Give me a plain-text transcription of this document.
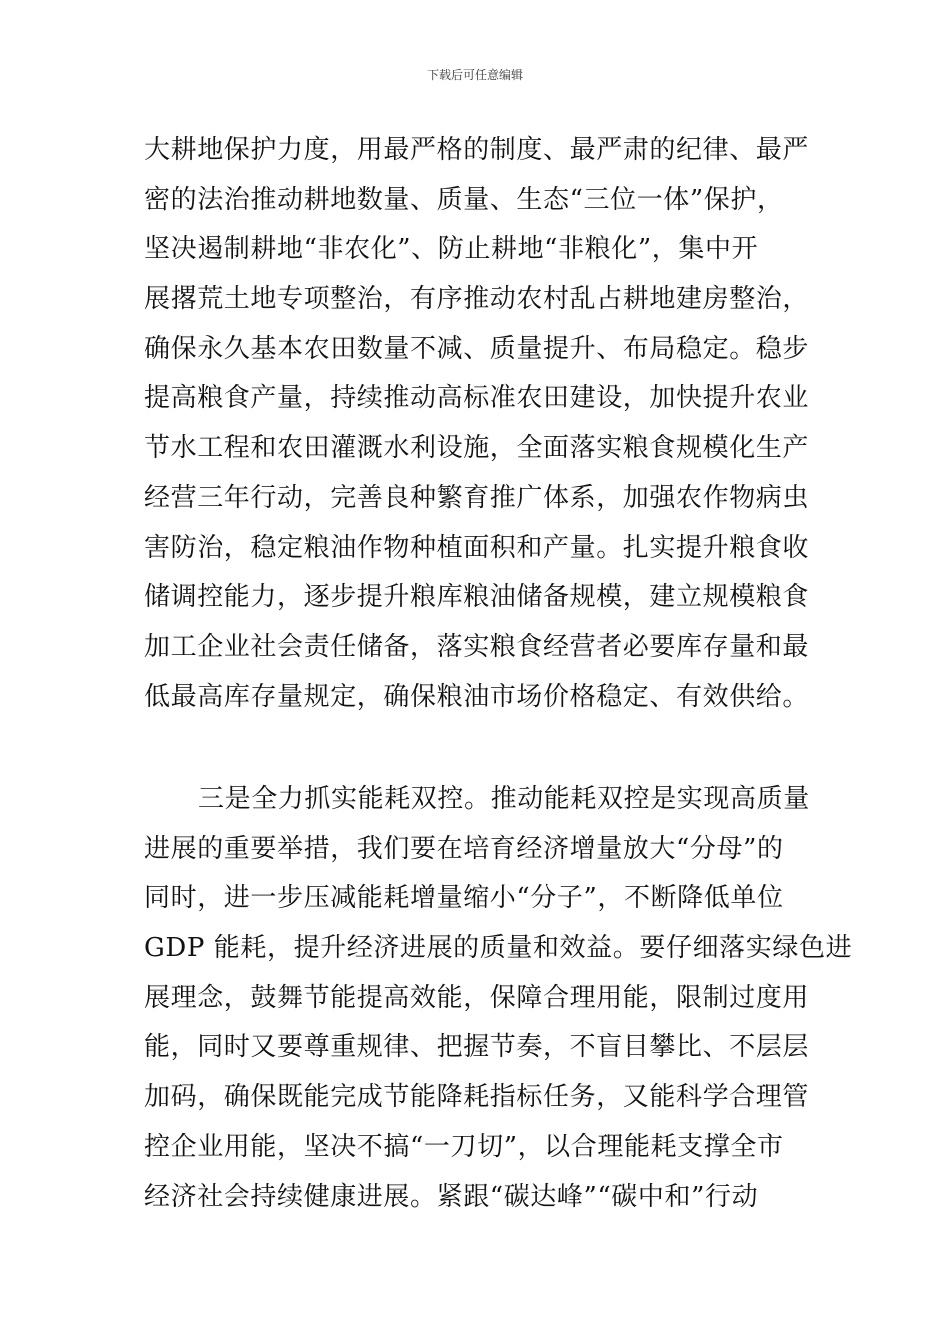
下载后可任意编辑
大耕地保护力度，用最严格的制度、最严肃的纪律、最严
密的法治推动耕地数量、质量、生态“三位一体”保护，
坚决遏制耕地“非农化”、防止耕地“非粮化”，集中开
展撂荒土地专项整治，有序推动农村乱占耕地建房整治，
确保永久基本农田数量不减、质量提升、布局稳定。稳步
提高粮食产量，持续推动高标准农田建设，加快提升农业
节水工程和农田灌溉水利设施，全面落实粮食规模化生产
经营三年行动，完善良种繁育推广体系，加强农作物病虫
害防治，稳定粮油作物种植面积和产量。扎实提升粮食收
储调控能力，逐步提升粮库粮油储备规模，建立规模粮食
加工企业社会责任储备，落实粮食经营者必要库存量和最
低最高库存量规定，确保粮油市场价格稳定、有效供给。
三是全力抓实能耗双控。推动能耗双控是实现高质量
进展的重要举措，我们要在培育经济增量放大“分母”的
同时，进一步压减能耗增量缩小“分子”，不断降低单位
GDP 能耗，提升经济进展的质量和效益。要仔细落实绿色进
展理念，鼓舞节能提高效能，保障合理用能，限制过度用
能，同时又要尊重规律、把握节奏，不盲目攀比、不层层
加码，确保既能完成节能降耗指标任务，又能科学合理管
控企业用能，坚决不搞“一刀切”，以合理能耗支撑全市
经济社会持续健康进展。紧跟“碳达峰”“碳中和”行动
